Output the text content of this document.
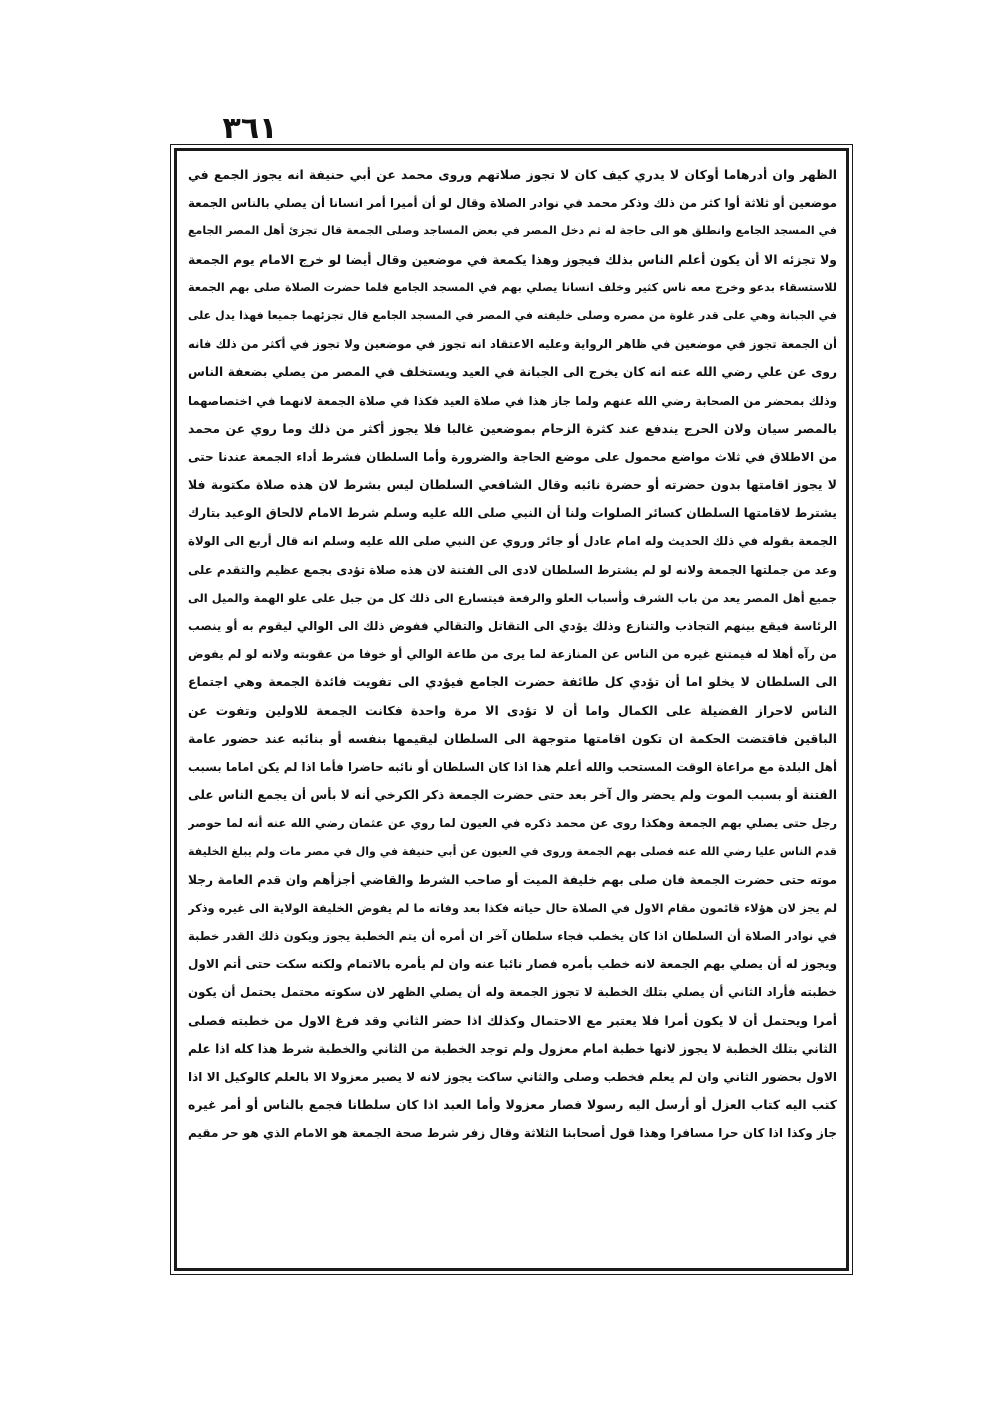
٣٦١
الظهر وان أدرهاما أوكان لا يدري كيف كان لا تجوز صلاتهم وروى محمد عن أبي حنيفة انه يجوز الجمع في
موضعين أو ثلاثة أوا كثر من ذلك وذكر محمد في نوادر الصلاة وقال لو أن أميرا أمر انسانا أن يصلي بالناس الجمعة
في المسجد الجامع وانطلق هو الى حاجة له ثم دخل المصر في بعض المساجد وصلى الجمعة قال تجزئ أهل المصر الجامع
ولا تجزئه الا أن يكون أعلم الناس بذلك فيجوز وهذا يكمعة في موضعين وقال أيضا لو خرج الامام يوم الجمعة
للاستسقاء بدعو وخرج معه ناس كثير وخلف انسانا يصلي بهم في المسجد الجامع فلما حضرت الصلاة صلى بهم الجمعة
في الجبانة وهي على قدر غلوة من مصره وصلى خليفته في المصر في المسجد الجامع قال تجزئهما جميعا فهذا يدل على
أن الجمعة تجوز في موضعين في ظاهر الرواية وعليه الاعتقاد انه تجوز في موضعين ولا تجوز في أكثر من ذلك فانه
روى عن علي رضي الله عنه انه كان يخرج الى الجبانة في العيد ويستخلف في المصر من يصلي بضعفة الناس
وذلك بمحضر من الصحابة رضي الله عنهم ولما جاز هذا في صلاة العيد فكذا في صلاة الجمعة لانهما في اختصاصهما
بالمصر سيان ولان الحرج يندفع عند كثرة الزحام بموضعين غالبا فلا يجوز أكثر من ذلك وما روي عن محمد
من الاطلاق في ثلاث مواضع محمول على موضع الحاجة والضرورة وأما السلطان فشرط أداء الجمعة عندنا حتى
لا يجوز اقامتها بدون حضرته أو حضرة نائبه وقال الشافعي السلطان ليس بشرط لان هذه صلاة مكتوبة فلا
يشترط لاقامتها السلطان كسائر الصلوات ولنا أن النبي صلى الله عليه وسلم شرط الامام لالحاق الوعيد بتارك
الجمعة بقوله في ذلك الحديث وله امام عادل أو جائر وروي عن النبي صلى الله عليه وسلم انه قال أربع الى الولاة
وعد من جملتها الجمعة ولانه لو لم يشترط السلطان لادى الى الفتنة لان هذه صلاة تؤدى بجمع عظيم والتقدم على
جميع أهل المصر يعد من باب الشرف وأسباب العلو والرفعة فيتسارع الى ذلك كل من جبل على علو الهمة والميل الى
الرئاسة فيقع بينهم التجاذب والتنازع وذلك يؤدي الى التقاتل والتقالي ففوض ذلك الى الوالي ليقوم به أو ينصب
من رآه أهلا له فيمتنع غيره من الناس عن المنازعة لما يرى من طاعة الوالي أو خوفا من عقوبته ولانه لو لم يفوض
الى السلطان لا يخلو اما أن تؤدي كل طائفة حضرت الجامع فيؤدي الى تفويت فائدة الجمعة وهي اجتماع
الناس لاحراز الفضيلة على الكمال واما أن لا تؤدى الا مرة واحدة فكانت الجمعة للاولين وتفوت عن
الباقين فاقتضت الحكمة ان تكون اقامتها متوجهة الى السلطان ليقيمها بنفسه أو بنائبه عند حضور عامة
أهل البلدة مع مراعاة الوقت المستحب والله أعلم هذا اذا كان السلطان أو نائبه حاضرا فأما اذا لم يكن اماما بسبب
الفتنة أو بسبب الموت ولم يحضر وال آخر بعد حتى حضرت الجمعة ذكر الكرخي أنه لا بأس أن يجمع الناس على
رجل حتى يصلي بهم الجمعة وهكذا روى عن محمد ذكره في العيون لما روي عن عثمان رضي الله عنه أنه لما حوصر
قدم الناس عليا رضي الله عنه فصلى بهم الجمعة وروى في العيون عن أبي حنيفة في وال في مصر مات ولم يبلغ الخليفة
موته حتى حضرت الجمعة فان صلى بهم خليفة الميت أو صاحب الشرط والقاضي أجزأهم وان قدم العامة رجلا
لم يجز لان هؤلاء قائمون مقام الاول في الصلاة حال حياته فكذا بعد وفاته ما لم يفوض الخليفة الولاية الى غيره وذكر
في نوادر الصلاة أن السلطان اذا كان يخطب فجاء سلطان آخر ان أمره أن يتم الخطبة يجوز ويكون ذلك القدر خطبة
ويجوز له أن يصلي بهم الجمعة لانه خطب بأمره فصار نائبا عنه وان لم يأمره بالاتمام ولكنه سكت حتى أتم الاول
خطبته فأراد الثاني أن يصلي بتلك الخطبة لا تجوز الجمعة وله أن يصلي الظهر لان سكوته محتمل يحتمل أن يكون
أمرا ويحتمل أن لا يكون أمرا فلا يعتبر مع الاحتمال وكذلك اذا حضر الثاني وقد فرغ الاول من خطبته فصلى
الثاني بتلك الخطبة لا يجوز لانها خطبة امام معزول ولم توجد الخطبة من الثاني والخطبة شرط هذا كله اذا علم
الاول بحضور الثاني وان لم يعلم فخطب وصلى والثاني ساكت يجوز لانه لا يصير معزولا الا بالعلم كالوكيل الا اذا
كتب اليه كتاب العزل أو أرسل اليه رسولا فصار معزولا وأما العبد اذا كان سلطانا فجمع بالناس أو أمر غيره
جاز وكذا اذا كان حرا مسافرا وهذا قول أصحابنا الثلاثة وقال زفر شرط صحة الجمعة هو الامام الذي هو حر مقيم
